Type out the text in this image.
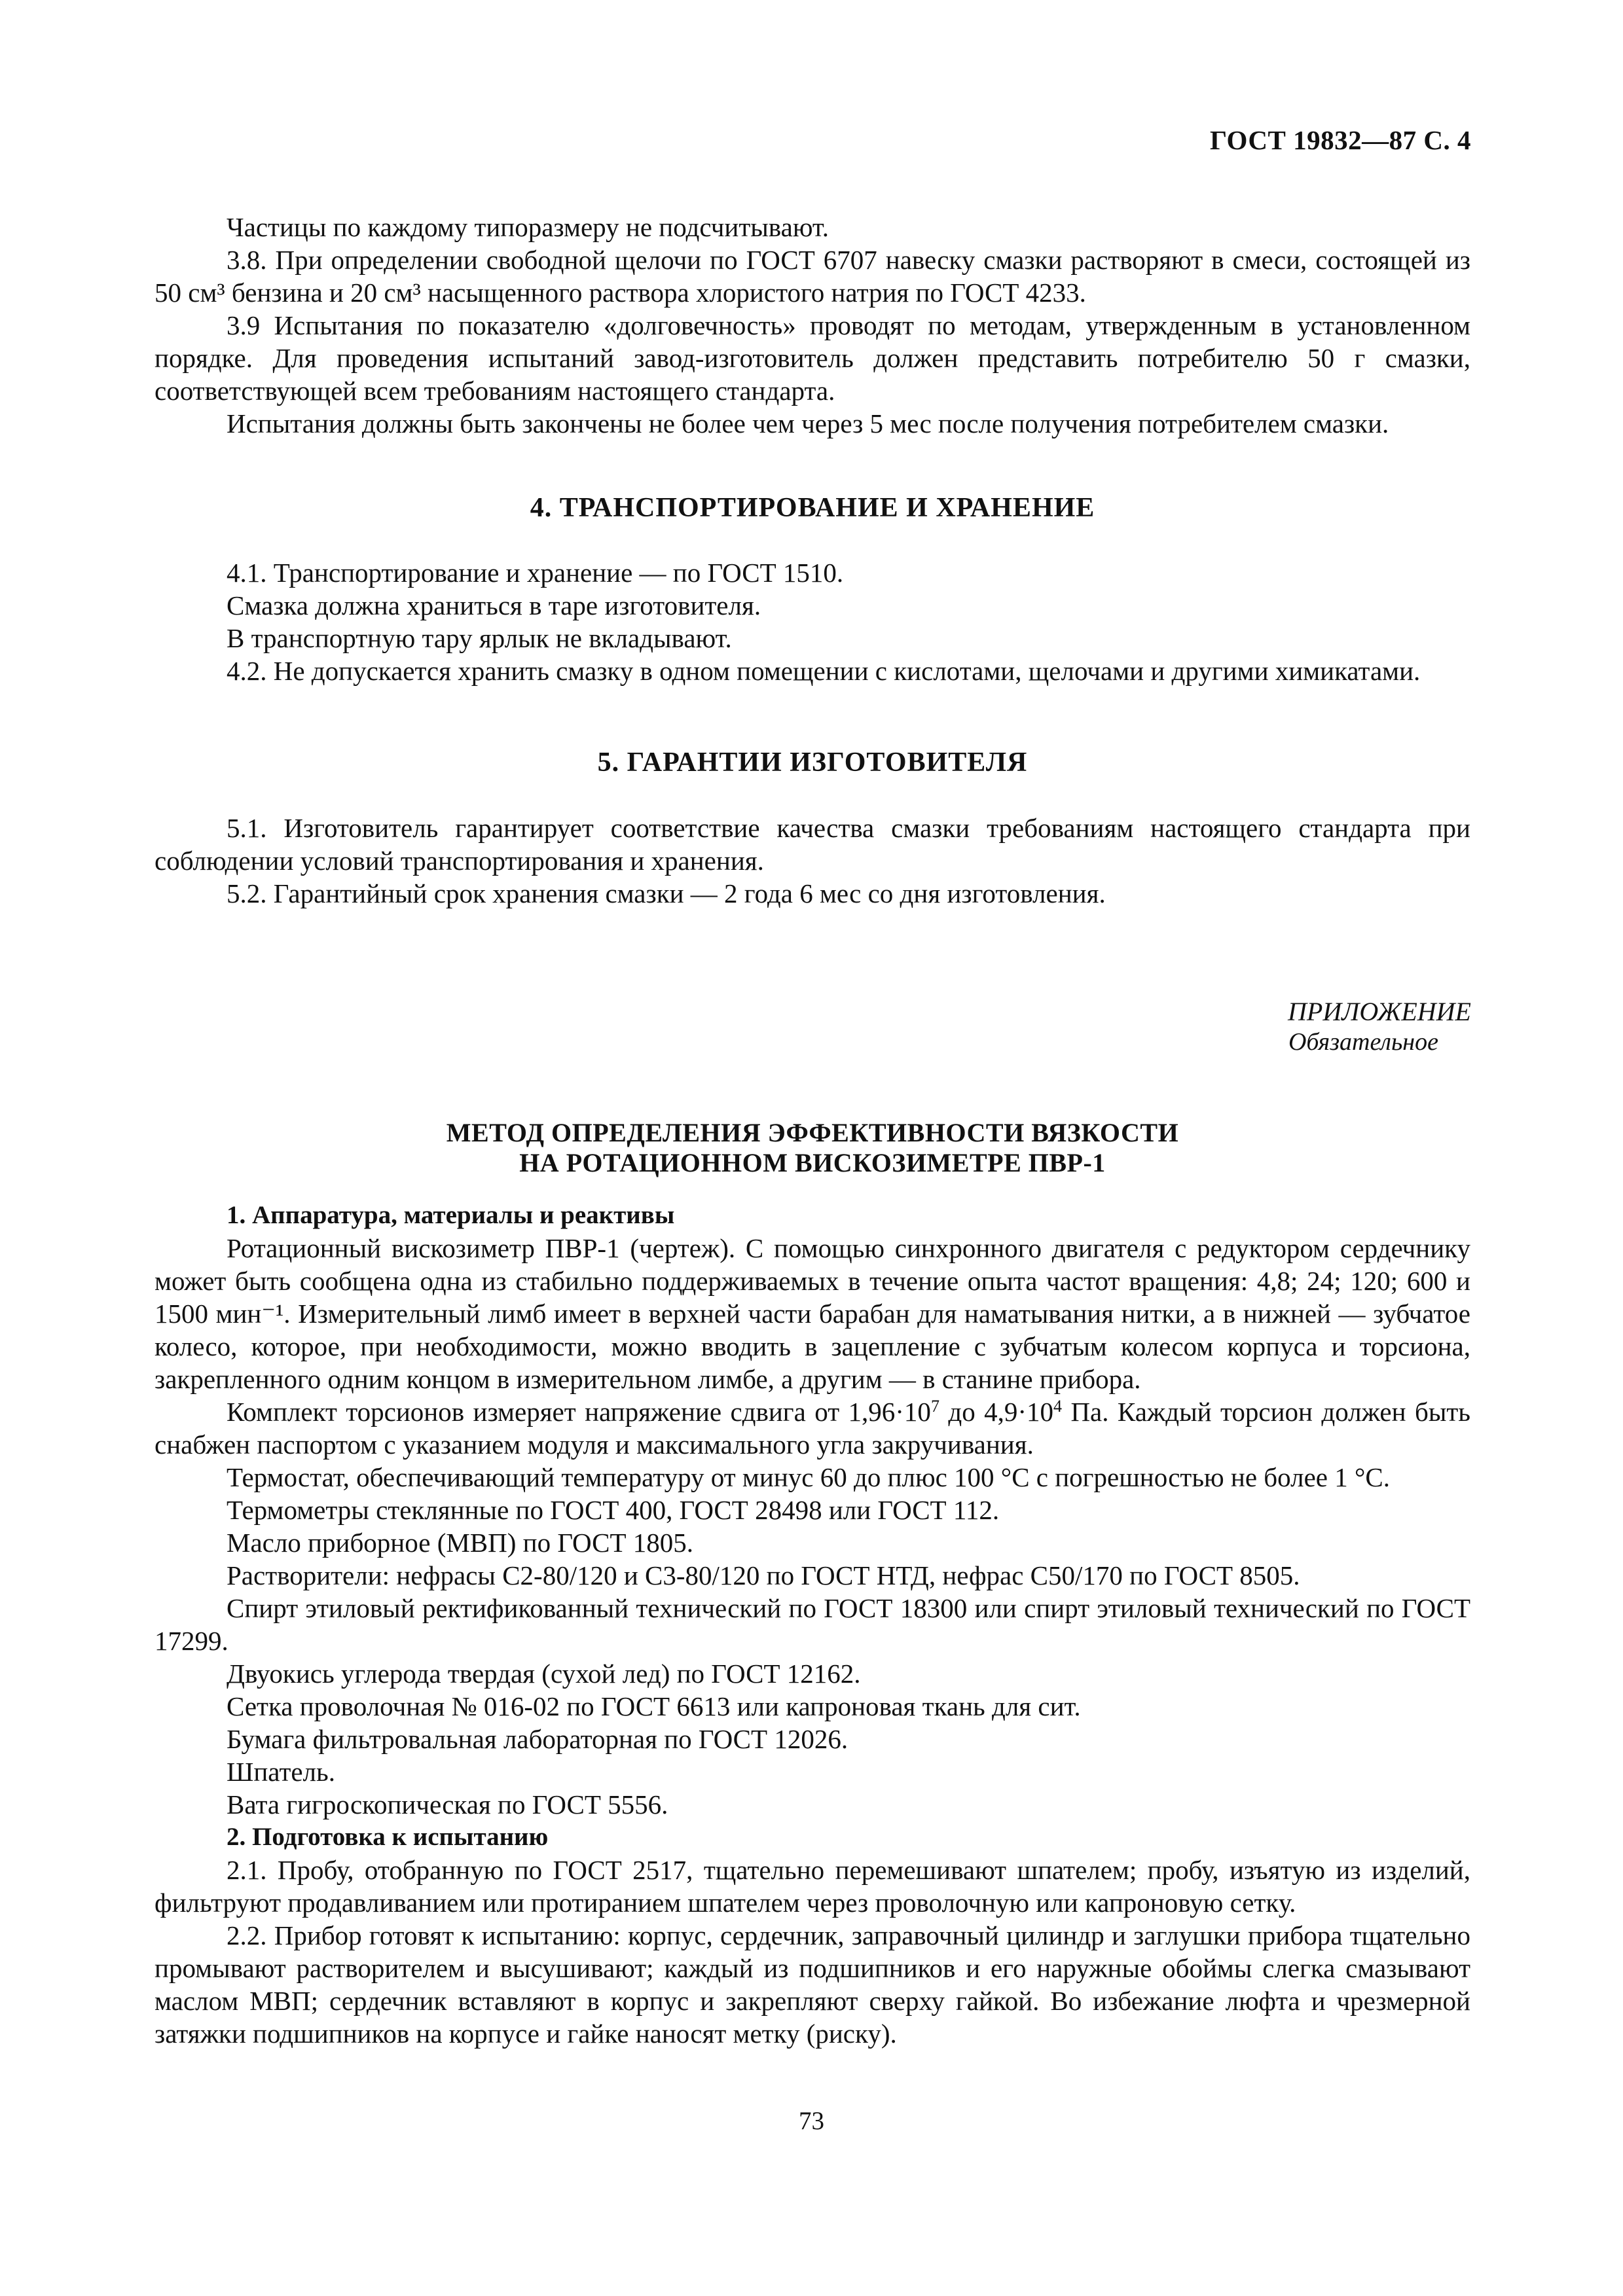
ГОСТ 19832—87 С. 4

Частицы по каждому типоразмеру не подсчитывают.

3.8. При определении свободной щелочи по ГОСТ 6707 навеску смазки растворяют в смеси, состоящей из 50 см³ бензина и 20 см³ насыщенного раствора хлористого натрия по ГОСТ 4233.

3.9 Испытания по показателю «долговечность» проводят по методам, утвержденным в установленном порядке. Для проведения испытаний завод-изготовитель должен представить потребителю 50 г смазки, соответствующей всем требованиям настоящего стандарта.

Испытания должны быть закончены не более чем через 5 мес после получения потребителем смазки.

4. ТРАНСПОРТИРОВАНИЕ И ХРАНЕНИЕ

4.1. Транспортирование и хранение — по ГОСТ 1510.

Смазка должна храниться в таре изготовителя.

В транспортную тару ярлык не вкладывают.

4.2. Не допускается хранить смазку в одном помещении с кислотами, щелочами и другими химикатами.

5. ГАРАНТИИ ИЗГОТОВИТЕЛЯ

5.1. Изготовитель гарантирует соответствие качества смазки требованиям настоящего стандарта при соблюдении условий транспортирования и хранения.

5.2. Гарантийный срок хранения смазки — 2 года 6 мес со дня изготовления.

ПРИЛОЖЕНИЕ
Обязательное
МЕТОД ОПРЕДЕЛЕНИЯ ЭФФЕКТИВНОСТИ ВЯЗКОСТИ
НА РОТАЦИОННОМ ВИСКОЗИМЕТРЕ ПВР-1

1. Аппаратура, материалы и реактивы

Ротационный вискозиметр ПВР-1 (чертеж). С помощью синхронного двигателя с редуктором сердечнику может быть сообщена одна из стабильно поддерживаемых в течение опыта частот вращения: 4,8; 24; 120; 600 и 1500 мин⁻¹. Измерительный лимб имеет в верхней части барабан для наматывания нитки, а в нижней — зубчатое колесо, которое, при необходимости, можно вводить в зацепление с зубчатым колесом корпуса и торсиона, закрепленного одним концом в измерительном лимбе, а другим — в станине прибора.

Комплект торсионов измеряет напряжение сдвига от $1,96\cdot 10^7$ до $4,9\cdot 10^4$ Па. Каждый торсион должен быть снабжен паспортом с указанием модуля и максимального угла закручивания.

Термостат, обеспечивающий температуру от минус 60 до плюс 100 °С с погрешностью не более 1 °С.

Термометры стеклянные по ГОСТ 400, ГОСТ 28498 или ГОСТ 112.

Масло приборное (МВП) по ГОСТ 1805.

Растворители: нефрасы С2-80/120 и С3-80/120 по ГОСТ НТД, нефрас С50/170 по ГОСТ 8505.

Спирт этиловый ректификованный технический по ГОСТ 18300 или спирт этиловый технический по ГОСТ 17299.

Двуокись углерода твердая (сухой лед) по ГОСТ 12162.

Сетка проволочная № 016-02 по ГОСТ 6613 или капроновая ткань для сит.

Бумага фильтровальная лабораторная по ГОСТ 12026.

Шпатель.

Вата гигроскопическая по ГОСТ 5556.

2. Подготовка к испытанию

2.1. Пробу, отобранную по ГОСТ 2517, тщательно перемешивают шпателем; пробу, изъятую из изделий, фильтруют продавливанием или протиранием шпателем через проволочную или капроновую сетку.

2.2. Прибор готовят к испытанию: корпус, сердечник, заправочный цилиндр и заглушки прибора тщательно промывают растворителем и высушивают; каждый из подшипников и его наружные обоймы слегка смазывают маслом МВП; сердечник вставляют в корпус и закрепляют сверху гайкой. Во избежание люфта и чрезмерной затяжки подшипников на корпусе и гайке наносят метку (риску).

73
